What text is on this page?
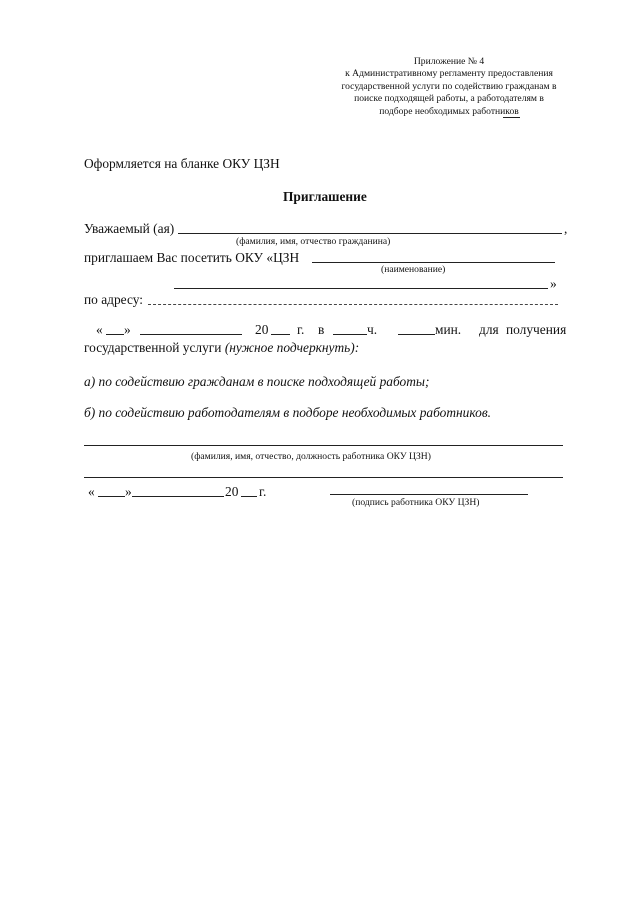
Приложение № 4
к Административному регламенту предоставления
государственной услуги по содействию гражданам в
поиске подходящей работы, а работодателям в
подборе необходимых работников
Оформляется на бланке ОКУ ЦЗН
Приглашение
Уважаемый (ая)	,
(фамилия, имя, отчество гражданина)
приглашаем Вас посетить ОКУ «ЦЗН
(наименование)
»
по адресу:
« »	20 г. в	ч.	мин. для получения
государственной услуги (нужное подчеркнуть):
а) по содействию гражданам в поиске подходящей работы;
б) по содействию работодателям в подборе необходимых работников.
(фамилия, имя, отчество, должность работника ОКУ ЦЗН)
« »	20 г.
(подпись работника ОКУ ЦЗН)
